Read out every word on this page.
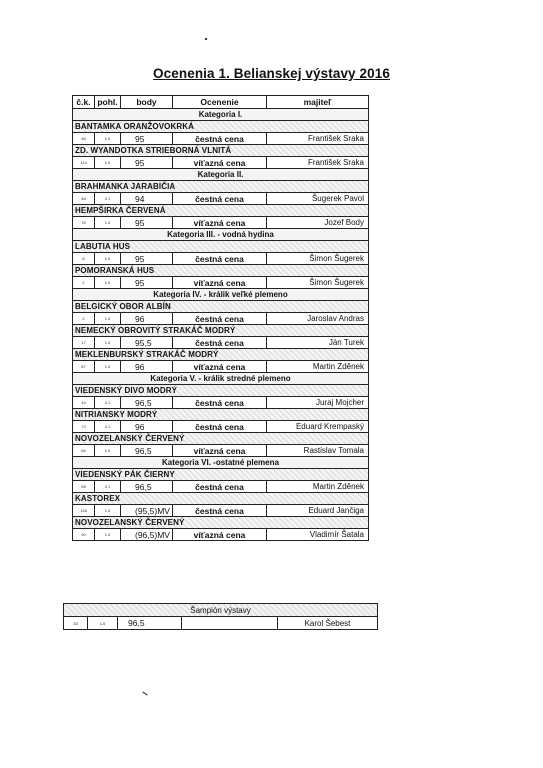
Ocenenia 1. Belianskej výstavy 2016
č.k.	pohl.	body	Ocenenie	majiteľ
Kategoria I.				
BANTAMKA ORANŽOVOKRKÁ				
46	1.0	95	čestná cena	František Sraka
ZD. WYANDOTKA STRIEBORNÁ VLNITÁ				
144	1.0	95	víťazná cena	František Sraka
Kategoria II.				
BRAHMANKA JARABIČIA				
48	0.1	94	čestná cena	Šugerek Pavol
HEMPŠIRKA ČERVENÁ				
76	1.0	95	víťazná cena	Jozef Body
Kategoria III. - vodná hydina				
LABUTIA HUS				
8	1.0	95	čestná cena	Šimon Šugerek
POMORANSKÁ HUS				
2	1.0	95	víťazná cena	Šimon Šugerek
Kategoria IV. - králik veľké plemeno				
BELGICKÝ OBOR ALBÍN				
2	1.0	96	čestná cena	Jaroslav Andras
NEMECKÝ OBROVITÝ STRAKÁČ MODRÝ				
17	1.0	95,5	čestná cena	Ján Turek
MEKLENBURSKÝ STRAKÁČ MODRÝ				
87	1.0	96	víťazná cena	Martin Zděnek
Kategoria V. - králik stredné plemeno				
VIEDENSKÝ DIVO MODRÝ				
44	0.1	96,5	čestná cena	Juraj Mojcher
NITRIANSKY MODRÝ				
73	0.1	96	čestná cena	Eduard Krempaský
NOVOZELANSKÝ ČERVENÝ				
66	1.0	96,5	víťazná cena	Rastislav Tomala
Kategoria VI. -ostatné plemena				
VIEDENSKÝ PÁK ČIERNY				
98	0.1	96,5	čestná cena	Martin Zděnek
KASTOREX				
148	1.0	(95,5)MV	čestná cena	Eduard Jančiga
NOVOZELANSKÝ ČERVENÝ				
90	1.0	(96,5)MV	víťazná cena	Vladimír Šatala
Šampión výstavy
33	1.0	96,5		Karol Šebest
